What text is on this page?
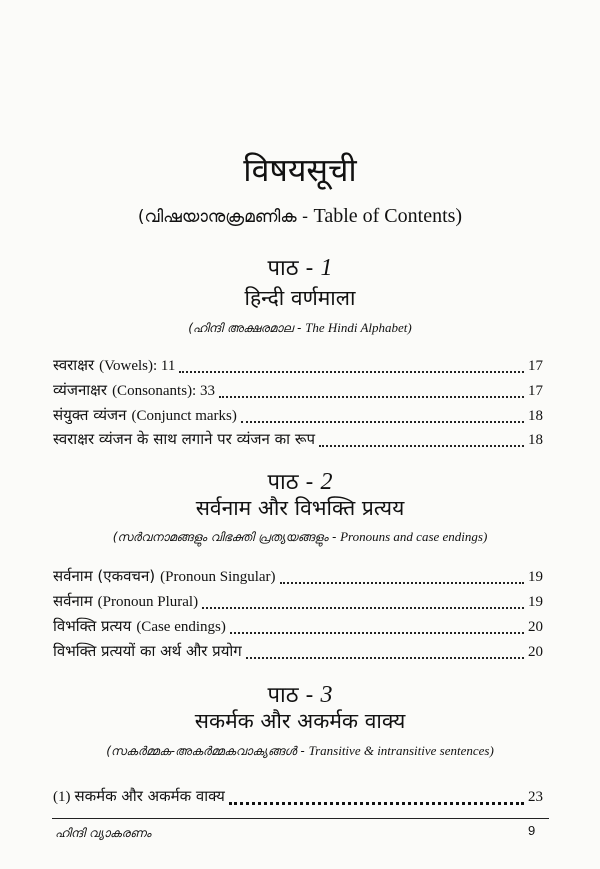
विषयसूची
(വിഷയാനുക്രമണിക - Table of Contents)
पाठ - 1
हिन्दी वर्णमाला
(ഹിന്ദി അക്ഷരമാല - The Hindi Alphabet)
स्वराक्षर (Vowels): 11	17
व्यंजनाक्षर (Consonants): 33	17
संयुक्त व्यंजन (Conjunct marks)	18
स्वराक्षर व्यंजन के साथ लगाने पर व्यंजन का रूप	18
पाठ - 2
सर्वनाम और विभक्ति प्रत्यय
(സർവനാമങ്ങളും വിഭക്തി പ്രത്യയങ്ങളും - Pronouns and case endings)
सर्वनाम (एकवचन) (Pronoun Singular)	19
सर्वनाम (Pronoun Plural)	19
विभक्ति प्रत्यय (Case endings)	20
विभक्ति प्रत्ययों का अर्थ और प्रयोग	20
पाठ - 3
सकर्मक और अकर्मक वाक्य
(സകർമ്മക-അകർമ്മകവാക്യങ്ങൾ - Transitive & intransitive sentences)
(1) सकर्मक और अकर्मक वाक्य	23
ഹിന്ദി വ്യാകരണം	9
